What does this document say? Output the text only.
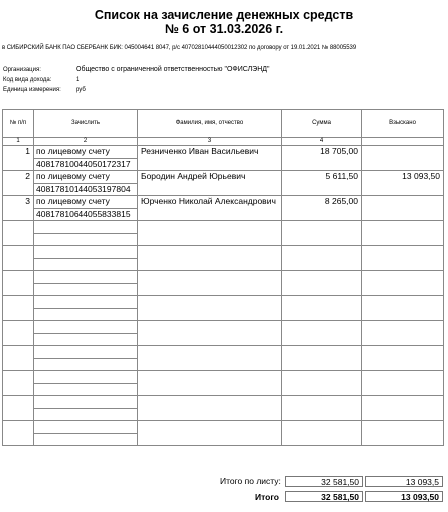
Список на зачисление денежных средств
№ 6 от 31.03.2026 г.
в СИБИРСКИЙ БАНК ПАО СБЕРБАНК БИК: 045004641 8047, р/с 40702810444050012302 по договору от 19.01.2021 № 88005539
Организация:	Общество с ограниченной ответственностью "ОФИСЛЭНД"
Код вида дохода:	1
Единица измерения:	руб
№ п/п	Зачислить	Фамилия, имя, отчество	Сумма	Взыскано
1	2	3	4	
1	по лицевому счету
40817810044050172317	Резниченко Иван Васильевич	18 705,00	
2	по лицевому счету
40817810144053197804	Бородин Андрей Юрьевич	5 611,50	13 093,50
3	по лицевому счету
40817810644055833815	Юрченко Николай Александрович	8 265,00	

Итого по листу:	32 581,50	13 093,5
Итого	32 581,50	13 093,50
